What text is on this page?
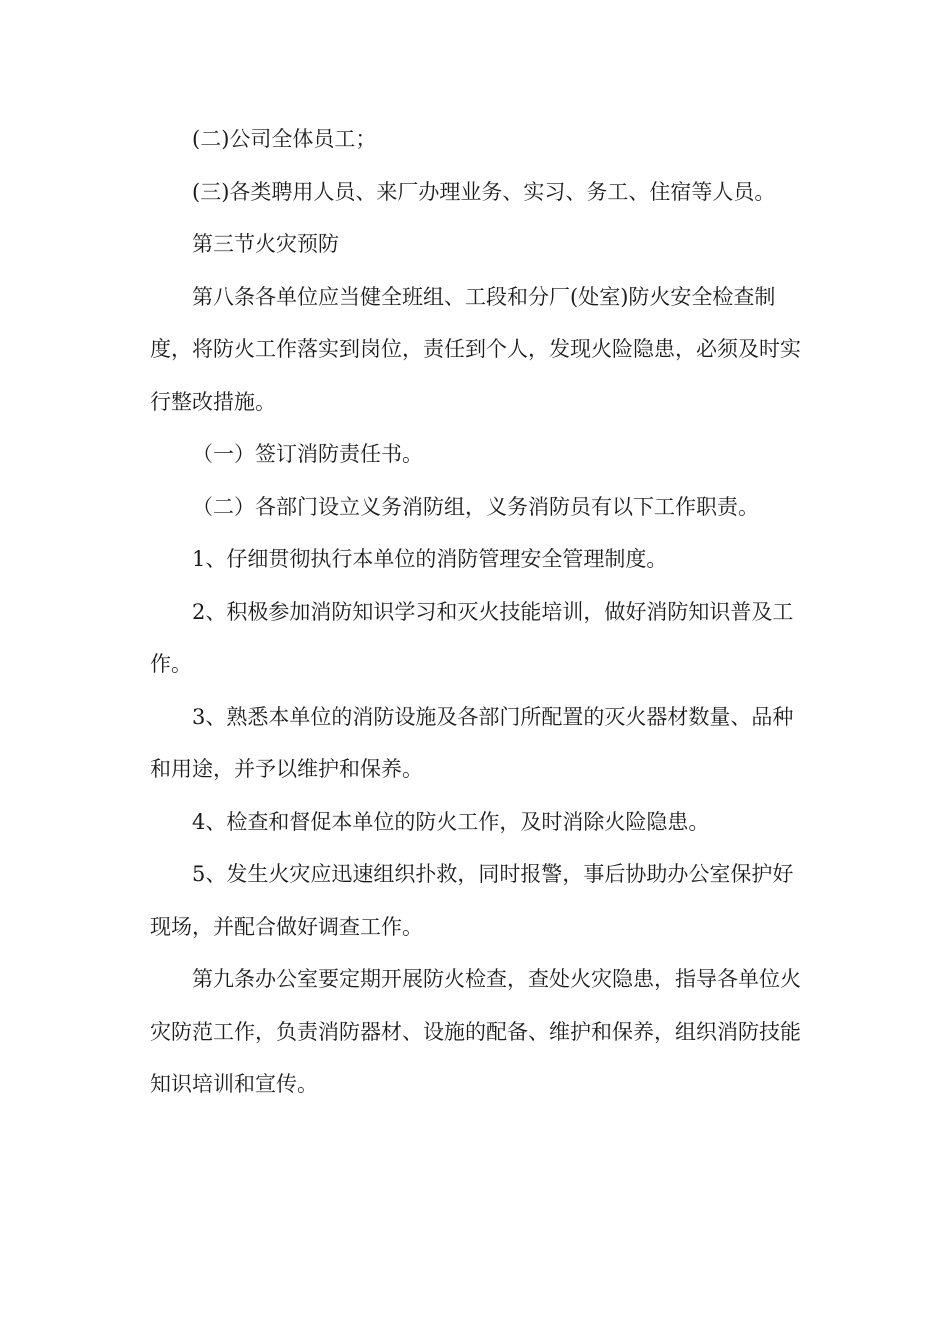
(二)公司全体员工；

(三)各类聘用人员、来厂办理业务、实习、务工、住宿等人员。

第三节火灾预防

第八条各单位应当健全班组、工段和分厂(处室)防火安全检查制度，将防火工作落实到岗位，责任到个人，发现火险隐患，必须及时实行整改措施。

（一）签订消防责任书。

（二）各部门设立义务消防组，义务消防员有以下工作职责。

1、仔细贯彻执行本单位的消防管理安全管理制度。

2、积极参加消防知识学习和灭火技能培训，做好消防知识普及工作。

3、熟悉本单位的消防设施及各部门所配置的灭火器材数量、品种和用途，并予以维护和保养。

4、检查和督促本单位的防火工作，及时消除火险隐患。

5、发生火灾应迅速组织扑救，同时报警，事后协助办公室保护好现场，并配合做好调查工作。

第九条办公室要定期开展防火检查，查处火灾隐患，指导各单位火灾防范工作，负责消防器材、设施的配备、维护和保养，组织消防技能知识培训和宣传。
